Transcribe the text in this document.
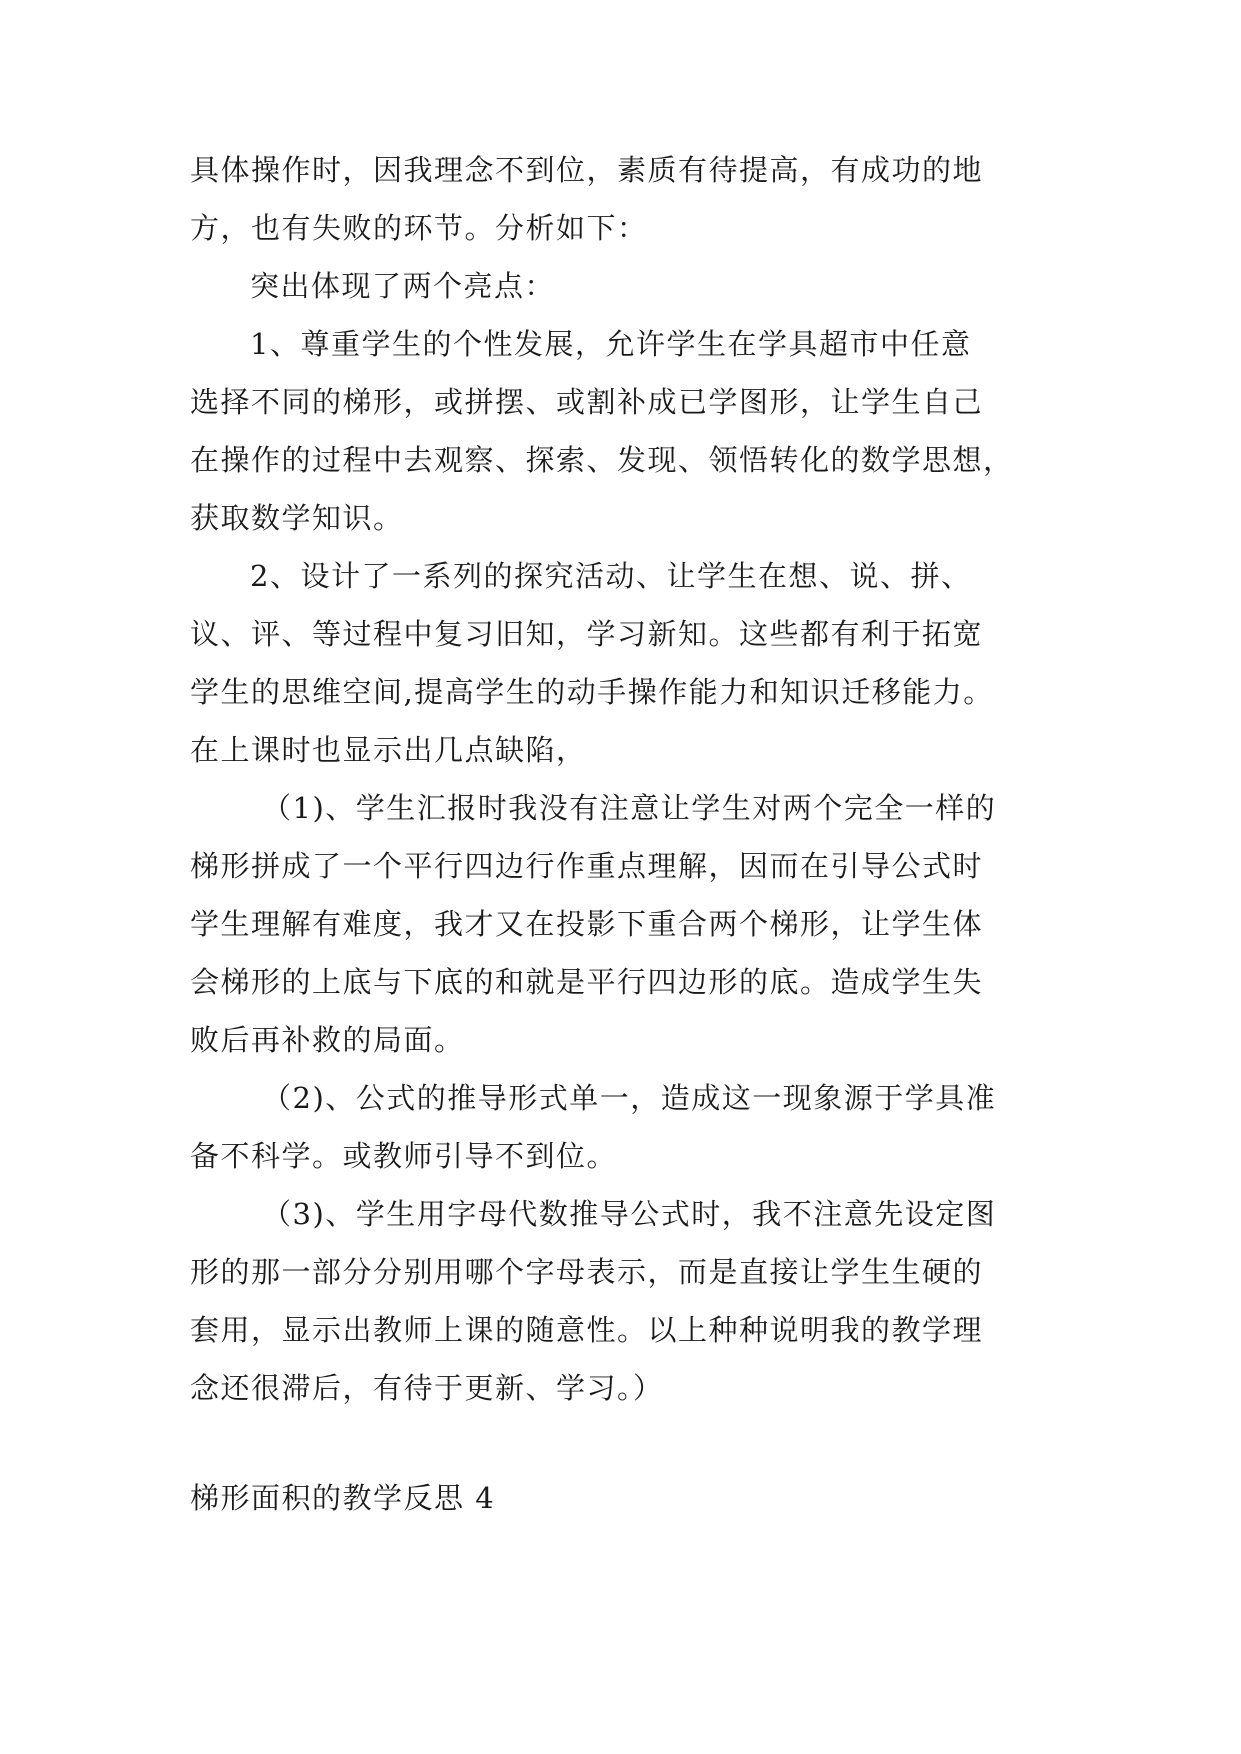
具体操作时，因我理念不到位，素质有待提高，有成功的地
方，也有失败的环节。分析如下：
突出体现了两个亮点：
1、尊重学生的个性发展，允许学生在学具超市中任意
选择不同的梯形，或拼摆、或割补成已学图形，让学生自己
在操作的过程中去观察、探索、发现、领悟转化的数学思想，
获取数学知识。
2、设计了一系列的探究活动、让学生在想、说、拼、
议、评、等过程中复习旧知，学习新知。这些都有利于拓宽
学生的思维空间,提高学生的动手操作能力和知识迁移能力。
在上课时也显示出几点缺陷，
（1)、学生汇报时我没有注意让学生对两个完全一样的
梯形拼成了一个平行四边行作重点理解，因而在引导公式时
学生理解有难度，我才又在投影下重合两个梯形，让学生体
会梯形的上底与下底的和就是平行四边形的底。造成学生失
败后再补救的局面。
（2)、公式的推导形式单一，造成这一现象源于学具准
备不科学。或教师引导不到位。
（3)、学生用字母代数推导公式时，我不注意先设定图
形的那一部分分别用哪个字母表示，而是直接让学生生硬的
套用，显示出教师上课的随意性。以上种种说明我的教学理
念还很滞后，有待于更新、学习。）
梯形面积的教学反思 4
